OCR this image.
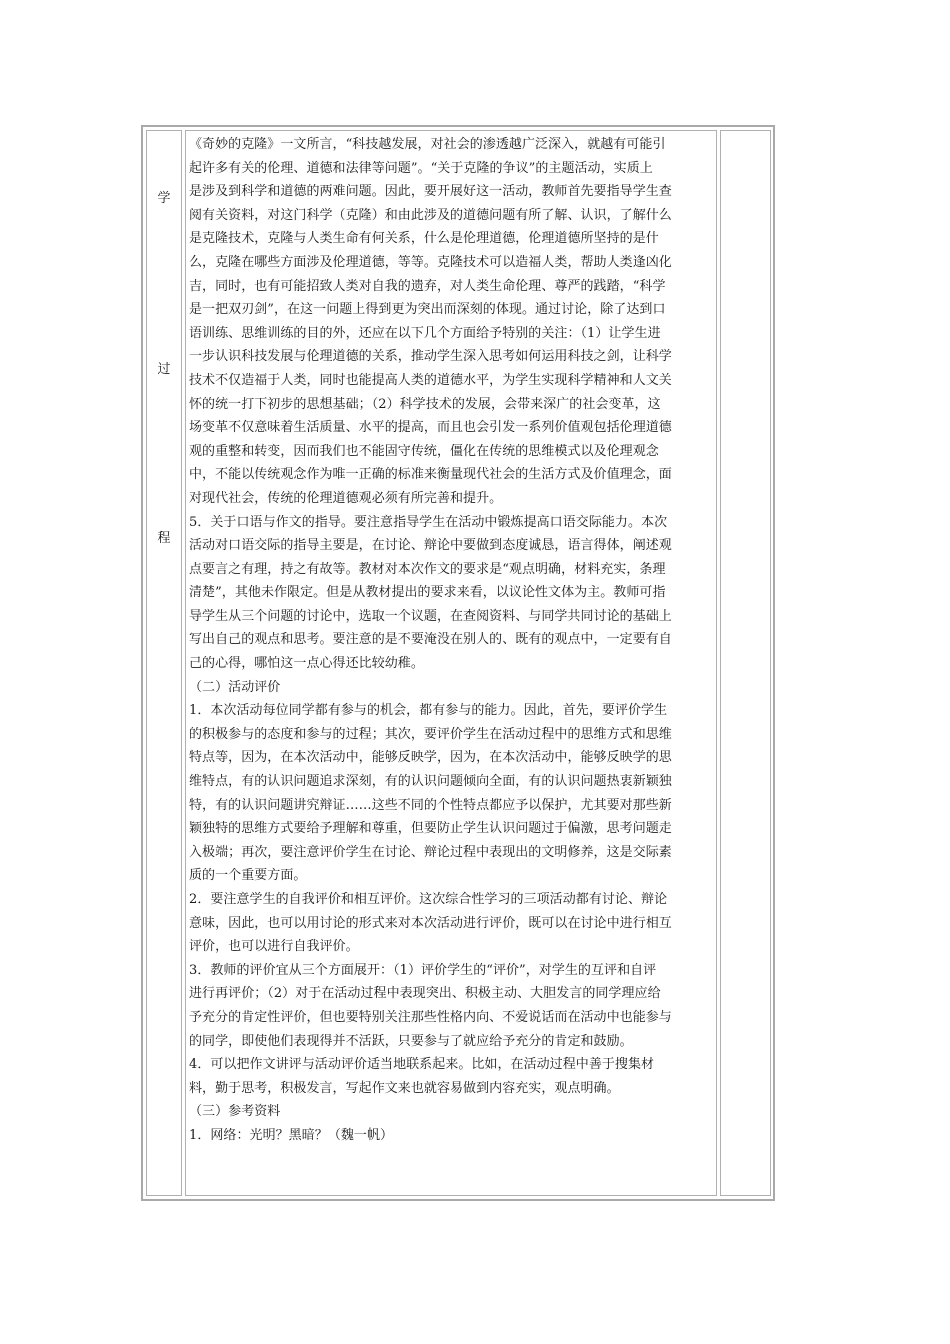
学
过
程
《奇妙的克隆》一文所言，“科技越发展，对社会的渗透越广泛深入，就越有可能引
起许多有关的伦理、道德和法律等问题”。“关于克隆的争议”的主题活动，实质上
是涉及到科学和道德的两难问题。因此，要开展好这一活动，教师首先要指导学生查
阅有关资料，对这门科学（克隆）和由此涉及的道德问题有所了解、认识，了解什么
是克隆技术，克隆与人类生命有何关系，什么是伦理道德，伦理道德所坚持的是什
么，克隆在哪些方面涉及伦理道德，等等。克隆技术可以造福人类，帮助人类逢凶化
吉，同时，也有可能招致人类对自我的遗弃，对人类生命伦理、尊严的践踏，“科学
是一把双刃剑”，在这一问题上得到更为突出而深刻的体现。通过讨论，除了达到口
语训练、思维训练的目的外，还应在以下几个方面给予特别的关注：（1）让学生进
一步认识科技发展与伦理道德的关系，推动学生深入思考如何运用科技之剑，让科学
技术不仅造福于人类，同时也能提高人类的道德水平，为学生实现科学精神和人文关
怀的统一打下初步的思想基础；（2）科学技术的发展，会带来深广的社会变革，这
场变革不仅意味着生活质量、水平的提高，而且也会引发一系列价值观包括伦理道德
观的重整和转变，因而我们也不能固守传统，僵化在传统的思维模式以及伦理观念
中，不能以传统观念作为唯一正确的标准来衡量现代社会的生活方式及价值理念，面
对现代社会，传统的伦理道德观必须有所完善和提升。
5．关于口语与作文的指导。要注意指导学生在活动中锻炼提高口语交际能力。本次
活动对口语交际的指导主要是，在讨论、辩论中要做到态度诚恳，语言得体，阐述观
点要言之有理，持之有故等。教材对本次作文的要求是“观点明确，材料充实，条理
清楚”，其他未作限定。但是从教材提出的要求来看，以议论性文体为主。教师可指
导学生从三个问题的讨论中，选取一个议题，在查阅资料、与同学共同讨论的基础上
写出自己的观点和思考。要注意的是不要淹没在别人的、既有的观点中，一定要有自
己的心得，哪怕这一点心得还比较幼稚。
（二）活动评价
1．本次活动每位同学都有参与的机会，都有参与的能力。因此，首先，要评价学生
的积极参与的态度和参与的过程；其次，要评价学生在活动过程中的思维方式和思维
特点等，因为，在本次活动中，能够反映学，因为，在本次活动中，能够反映学的思
维特点，有的认识问题追求深刻，有的认识问题倾向全面，有的认识问题热衷新颖独
特，有的认识问题讲究辩证……这些不同的个性特点都应予以保护，尤其要对那些新
颖独特的思维方式要给予理解和尊重，但要防止学生认识问题过于偏激，思考问题走
入极端；再次，要注意评价学生在讨论、辩论过程中表现出的文明修养，这是交际素
质的一个重要方面。
2．要注意学生的自我评价和相互评价。这次综合性学习的三项活动都有讨论、辩论
意味，因此，也可以用讨论的形式来对本次活动进行评价，既可以在讨论中进行相互
评价，也可以进行自我评价。
3．教师的评价宜从三个方面展开：（1）评价学生的“评价”，对学生的互评和自评
进行再评价；（2）对于在活动过程中表现突出、积极主动、大胆发言的同学理应给
予充分的肯定性评价，但也要特别关注那些性格内向、不爱说话而在活动中也能参与
的同学，即使他们表现得并不活跃，只要参与了就应给予充分的肯定和鼓励。
4．可以把作文讲评与活动评价适当地联系起来。比如，在活动过程中善于搜集材
料，勤于思考，积极发言，写起作文来也就容易做到内容充实，观点明确。
（三）参考资料
1．网络：光明？黑暗？（魏一帆）
